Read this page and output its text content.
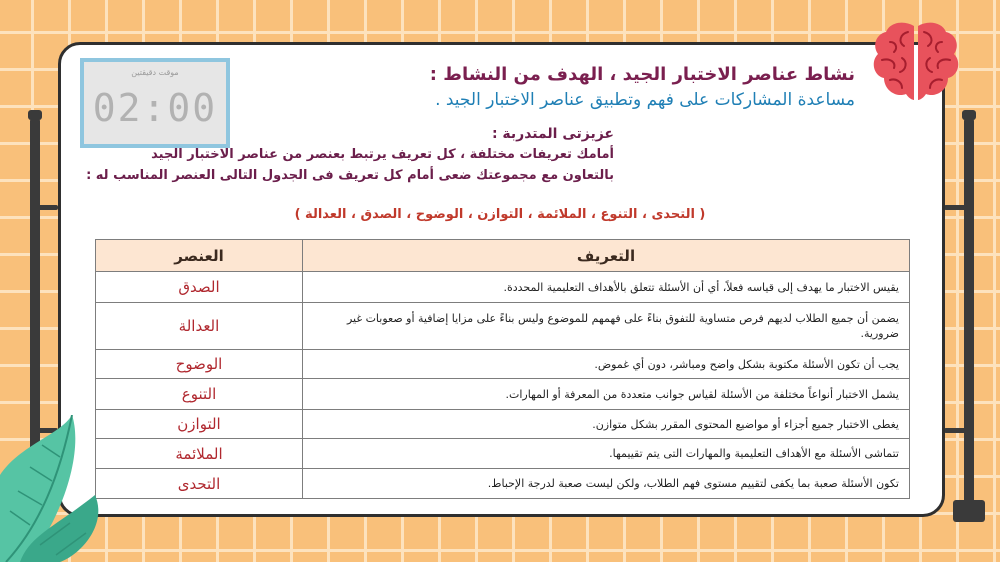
موقت دقيقتين
02:00
نشاط عناصر الاختبار الجيد ، الهدف من النشاط :
مساعدة المشاركات على فهم وتطبيق عناصر الاختبار الجيد .
عزيزتى المتدربة :
أمامك تعريفات مختلفة ، كل تعريف يرتبط بعنصر من عناصر الاختبار الجيد
بالتعاون مع مجموعتك ضعى أمام كل تعريف فى الجدول التالى العنصر المناسب له :
( التحدى ، التنوع ، الملائمة ، التوازن ، الوضوح ، الصدق ، العدالة )
التعريف	العنصر
يقيس الاختبار ما يهدف إلى قياسه فعلاً، أي أن الأسئلة تتعلق بالأهداف التعليمية المحددة.	الصدق
يضمن أن جميع الطلاب لديهم فرص متساوية للتفوق بناءً على فهمهم للموضوع وليس بناءً على مزايا إضافية أو صعوبات غير ضرورية.	العدالة
يجب أن تكون الأسئلة مكتوبة بشكل واضح ومباشر، دون أي غموض.	الوضوح
يشمل الاختبار أنواعاً مختلفة من الأسئلة لقياس جوانب متعددة من المعرفة أو المهارات.	التنوع
يغطى الاختبار جميع أجزاء أو مواضيع المحتوى المقرر بشكل متوازن.	التوازن
تتماشى الأسئلة مع الأهداف التعليمية والمهارات التى يتم تقييمها.	الملائمة
تكون الأسئلة صعبة بما يكفى لتقييم مستوى فهم الطلاب، ولكن ليست صعبة لدرجة الإحباط.	التحدى
